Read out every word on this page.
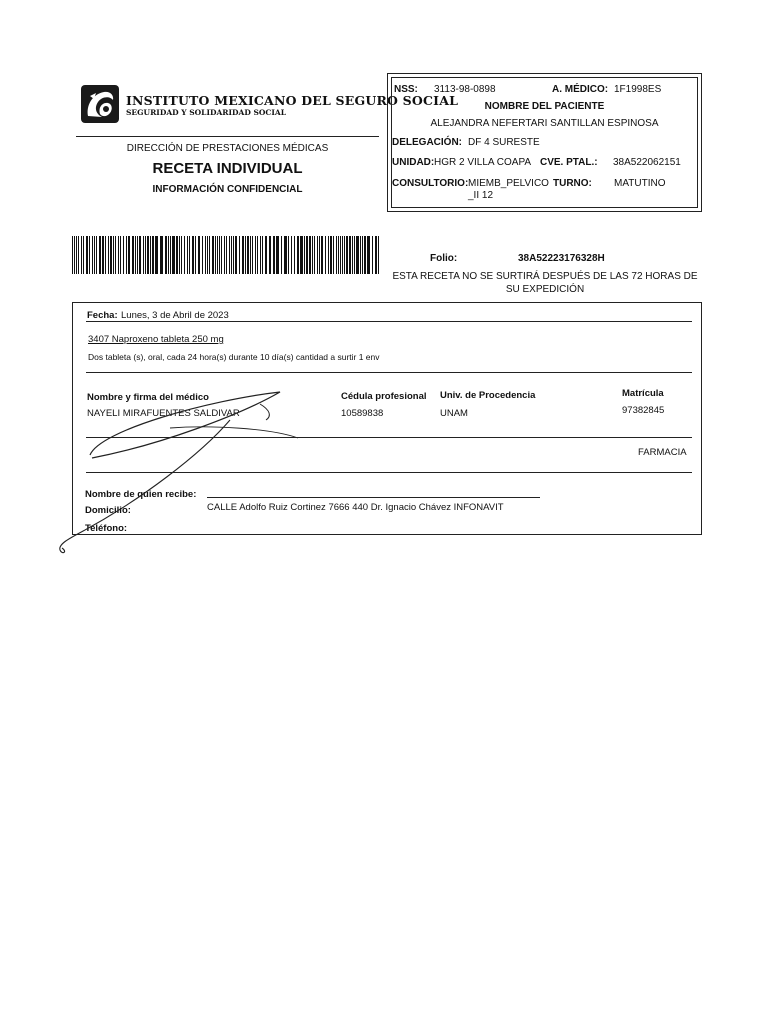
INSTITUTO MEXICANO DEL SEGURO SOCIAL
SEGURIDAD Y SOLIDARIDAD SOCIAL
DIRECCIÓN DE PRESTACIONES MÉDICAS
RECETA INDIVIDUAL
INFORMACIÓN CONFIDENCIAL
NSS: 3113-98-0898	A. MÉDICO: 1F1998ES
NOMBRE DEL PACIENTE
ALEJANDRA NEFERTARI SANTILLAN ESPINOSA
DELEGACIÓN: DF 4 SURESTE
UNIDAD: HGR 2 VILLA COAPA CVE. PTAL.: 38A522062151
CONSULTORIO: MIEMB_PELVICO
_II 12
TURNO: MATUTINO
Folio:	38A52223176328H
ESTA RECETA NO SE SURTIRÁ DESPUÉS DE LAS 72 HORAS DE
SU EXPEDICIÓN
Fecha: Lunes, 3 de Abril de 2023
3407 Naproxeno tableta 250 mg
Dos tableta (s), oral, cada 24 hora(s) durante 10 día(s) cantidad a surtir 1 env
Nombre y firma del médico
NAYELI MIRAFUENTES SALDIVAR
Cédula profesional
10589838
Univ. de Procedencia
UNAM
Matrícula
97382845
FARMACIA
Nombre de quien recibe:
Domicilio:	CALLE Adolfo Ruiz Cortinez 7666 440 Dr. Ignacio Chávez INFONAVIT
Teléfono:
